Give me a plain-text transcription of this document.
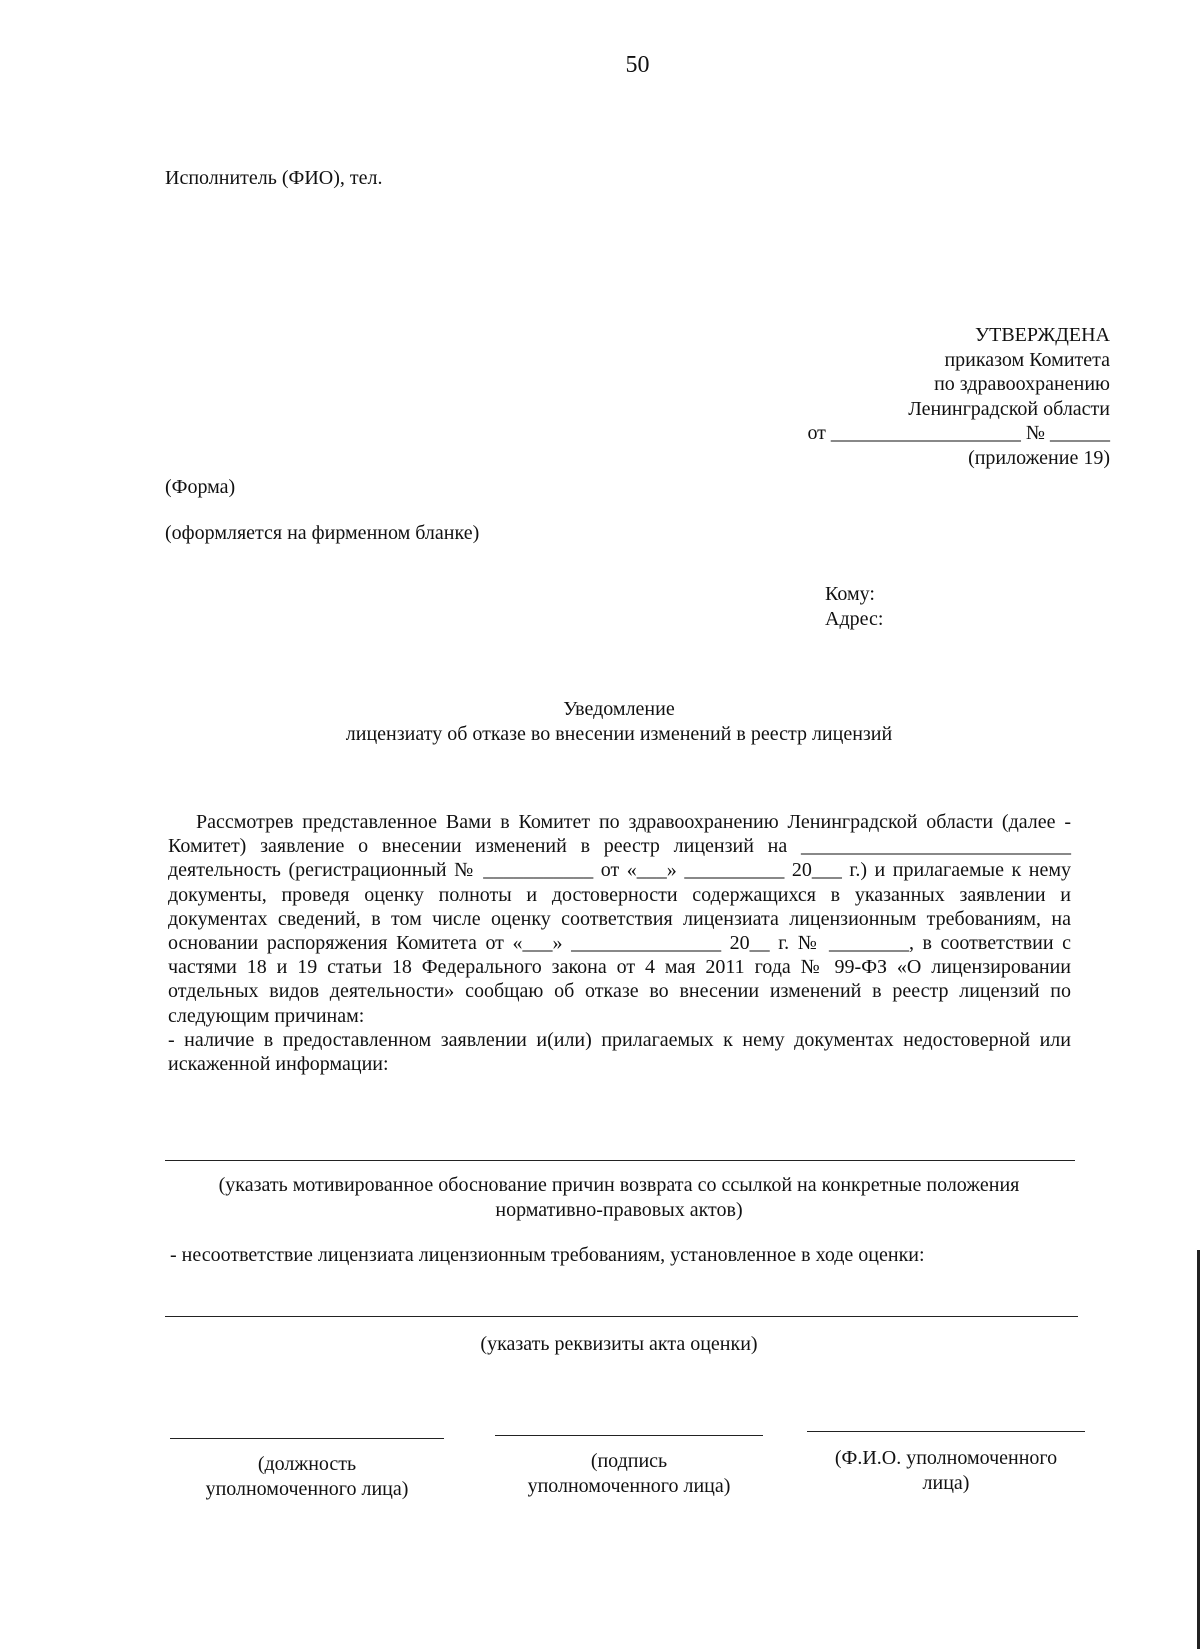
50
Исполнитель (ФИО), тел.
УТВЕРЖДЕНА
приказом Комитета
по здравоохранению
Ленинградской области
от ___________________ № ______
(приложение 19)
(Форма)
(оформляется на фирменном бланке)
Кому:
Адрес:
Уведомление
лицензиату об отказе во внесении изменений в реестр лицензий

Рассмотрев представленное Вами в Комитет по здравоохранению Ленинградской области (далее - Комитет) заявление о внесении изменений в реестр лицензий на ___________________________ деятельность (регистрационный № ___________ от «___» __________ 20___ г.) и прилагаемые к нему документы, проведя оценку полноты и достоверности содержащихся в указанных заявлении и документах сведений, в том числе оценку соответствия лицензиата лицензионным требованиям, на основании распоряжения Комитета от «___» _______________ 20__ г. № ________, в соответствии с частями 18 и 19 статьи 18 Федерального закона от 4 мая 2011 года № 99-ФЗ «О лицензировании отдельных видов деятельности» сообщаю об отказе во внесении изменений в реестр лицензий по следующим причинам:

- наличие в предоставленном заявлении и(или) прилагаемых к нему документах недостоверной или искаженной информации:

(указать мотивированное обоснование причин возврата со ссылкой на конкретные положения
нормативно-правовых актов)
- несоответствие лицензиата лицензионным требованиям, установленное в ходе оценки:
(указать реквизиты акта оценки)
(должность
уполномоченного лица)
(подпись
уполномоченного лица)
(Ф.И.О. уполномоченного
лица)
